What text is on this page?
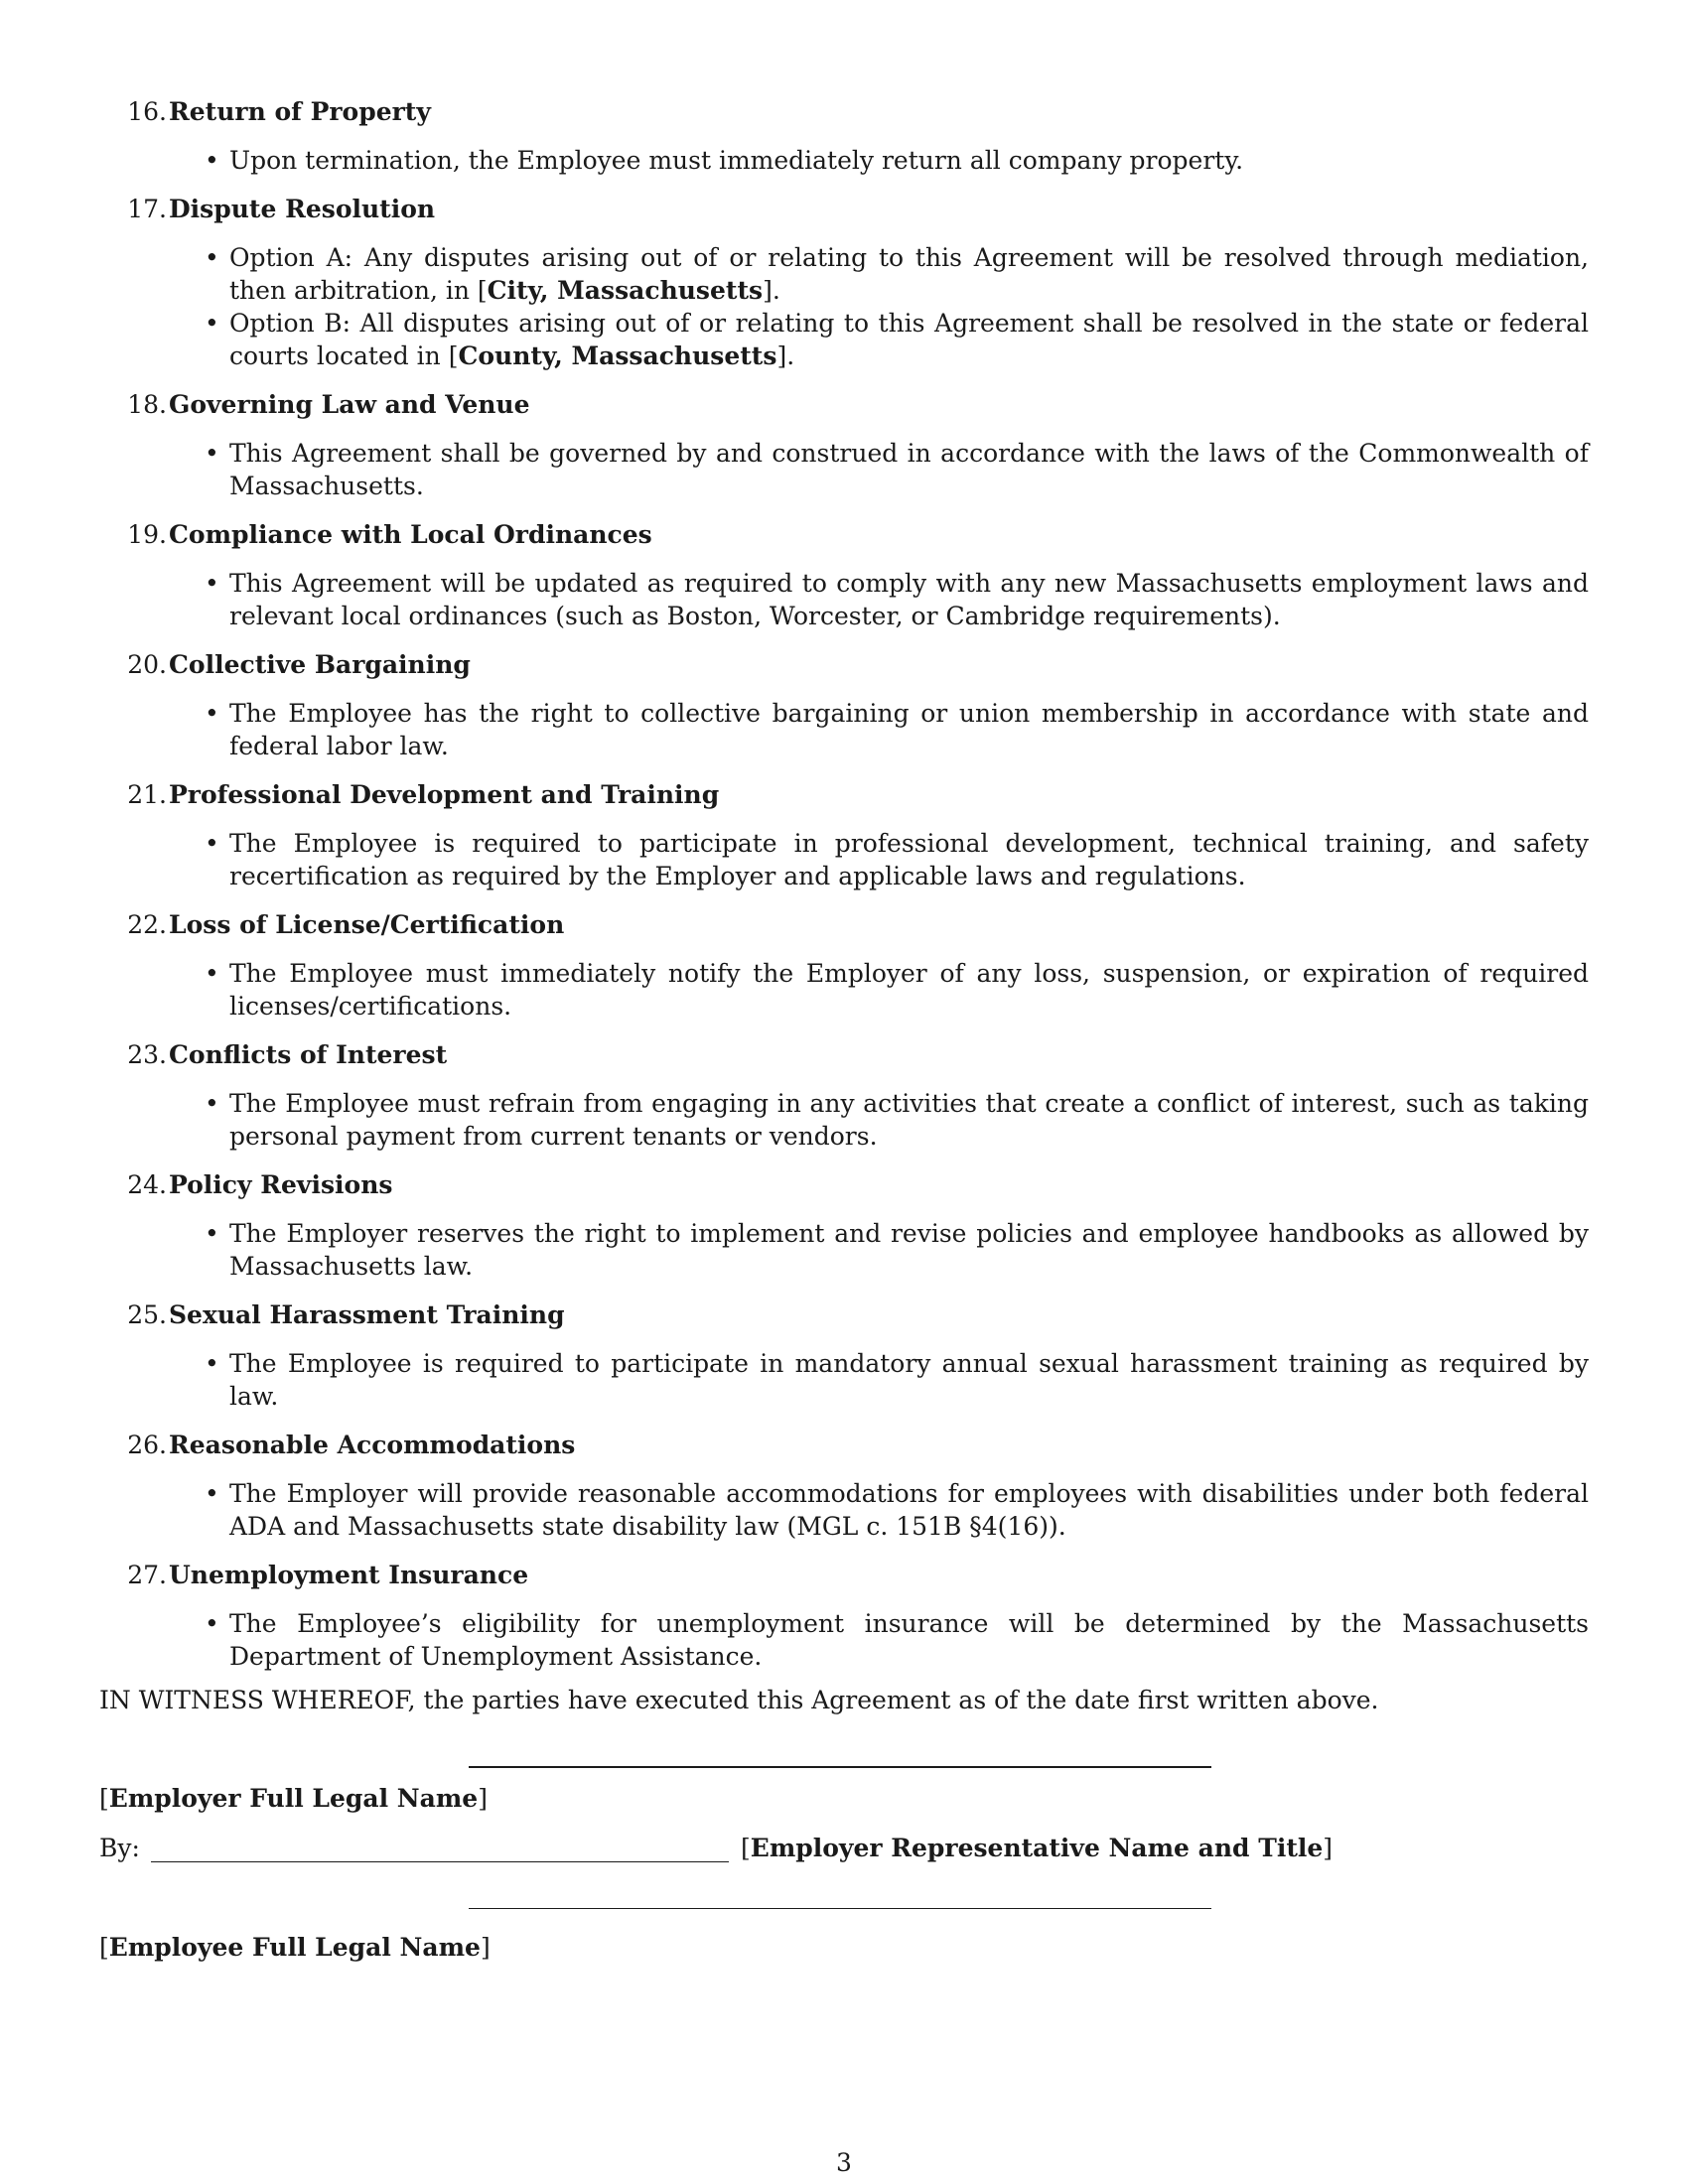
16. Return of Property
• Upon termination, the Employee must immediately return all company property.
17. Dispute Resolution
• Option A: Any disputes arising out of or relating to this Agreement will be resolved through mediation, then arbitration, in [City, Massachusetts].
• Option B: All disputes arising out of or relating to this Agreement shall be resolved in the state or federal courts located in [County, Massachusetts].
18. Governing Law and Venue
• This Agreement shall be governed by and construed in accordance with the laws of the Commonwealth of Massachusetts.
19. Compliance with Local Ordinances
• This Agreement will be updated as required to comply with any new Massachusetts employment laws and relevant local ordinances (such as Boston, Worcester, or Cambridge requirements).
20. Collective Bargaining
• The Employee has the right to collective bargaining or union membership in accordance with state and federal labor law.
21. Professional Development and Training
• The Employee is required to participate in professional development, technical training, and safety recertification as required by the Employer and applicable laws and regulations.
22. Loss of License/Certification
• The Employee must immediately notify the Employer of any loss, suspension, or expiration of required licenses/certifications.
23. Conflicts of Interest
• The Employee must refrain from engaging in any activities that create a conflict of interest, such as taking personal payment from current tenants or vendors.
24. Policy Revisions
• The Employer reserves the right to implement and revise policies and employee handbooks as allowed by Massachusetts law.
25. Sexual Harassment Training
• The Employee is required to participate in mandatory annual sexual harassment training as required by law.
26. Reasonable Accommodations
• The Employer will provide reasonable accommodations for employees with disabilities under both federal ADA and Massachusetts state disability law (MGL c. 151B §4(16)).
27. Unemployment Insurance
• The Employee’s eligibility for unemployment insurance will be determined by the Massachusetts Department of Unemployment Assistance.
IN WITNESS WHEREOF, the parties have executed this Agreement as of the date first written above.
[Employer Full Legal Name]
By:	[Employer Representative Name and Title]
[Employee Full Legal Name]
3
